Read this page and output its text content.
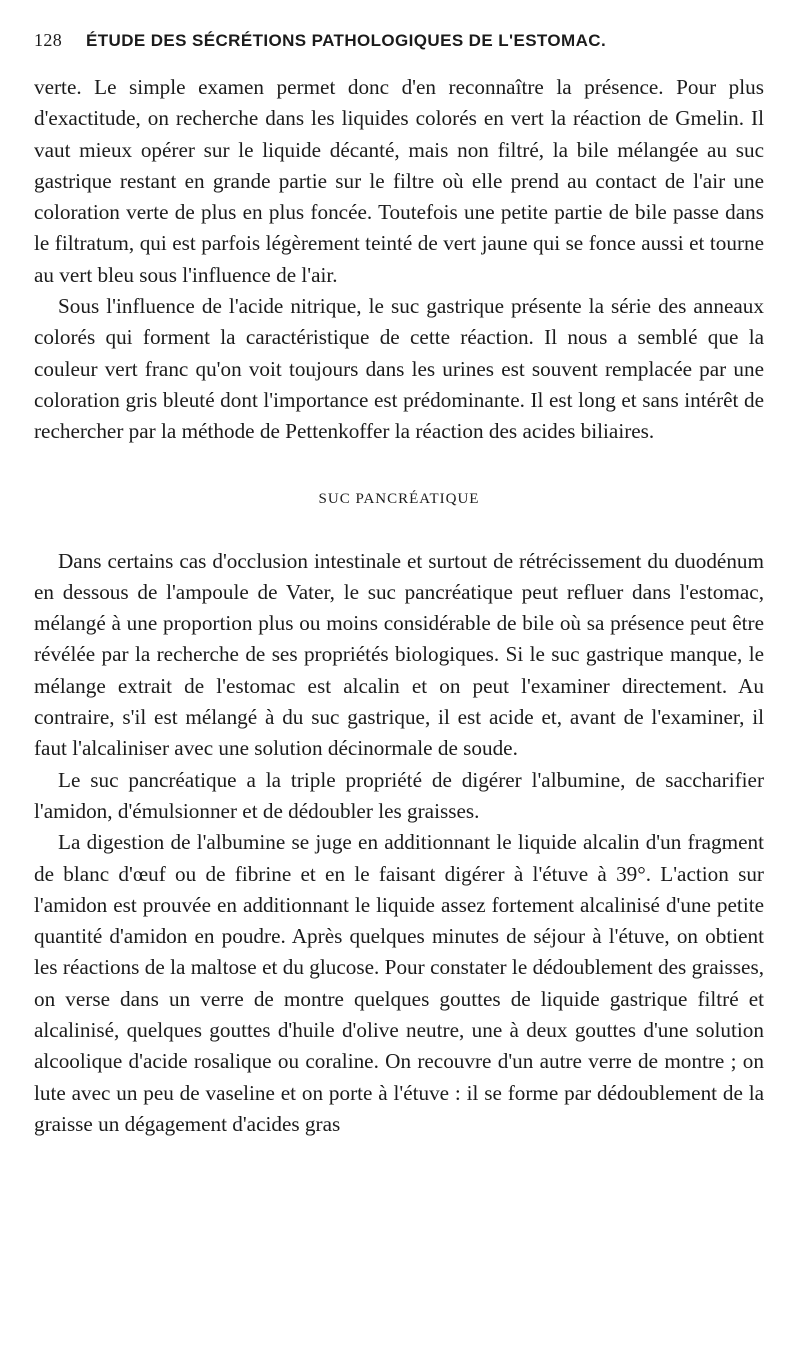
128	ÉTUDE DES SÉCRÉTIONS PATHOLOGIQUES DE L'ESTOMAC.

verte. Le simple examen permet donc d'en reconnaître la présence. Pour plus d'exactitude, on recherche dans les liquides colorés en vert la réaction de Gmelin. Il vaut mieux opérer sur le liquide décanté, mais non filtré, la bile mélangée au suc gastrique restant en grande partie sur le filtre où elle prend au contact de l'air une coloration verte de plus en plus foncée. Toutefois une petite partie de bile passe dans le filtratum, qui est parfois légèrement teinté de vert jaune qui se fonce aussi et tourne au vert bleu sous l'influence de l'air.

Sous l'influence de l'acide nitrique, le suc gastrique présente la série des anneaux colorés qui forment la caractéristique de cette réaction. Il nous a semblé que la couleur vert franc qu'on voit toujours dans les urines est souvent remplacée par une coloration gris bleuté dont l'importance est prédominante. Il est long et sans intérêt de rechercher par la méthode de Pettenkoffer la réaction des acides biliaires.

SUC PANCRÉATIQUE

Dans certains cas d'occlusion intestinale et surtout de rétrécissement du duodénum en dessous de l'ampoule de Vater, le suc pancréatique peut refluer dans l'estomac, mélangé à une proportion plus ou moins considérable de bile où sa présence peut être révélée par la recherche de ses propriétés biologiques. Si le suc gastrique manque, le mélange extrait de l'estomac est alcalin et on peut l'examiner directement. Au contraire, s'il est mélangé à du suc gastrique, il est acide et, avant de l'examiner, il faut l'alcaliniser avec une solution décinormale de soude.

Le suc pancréatique a la triple propriété de digérer l'albumine, de saccharifier l'amidon, d'émulsionner et de dédoubler les graisses.

La digestion de l'albumine se juge en additionnant le liquide alcalin d'un fragment de blanc d'œuf ou de fibrine et en le faisant digérer à l'étuve à 39°. L'action sur l'amidon est prouvée en additionnant le liquide assez fortement alcalinisé d'une petite quantité d'amidon en poudre. Après quelques minutes de séjour à l'étuve, on obtient les réactions de la maltose et du glucose. Pour constater le dédoublement des graisses, on verse dans un verre de montre quelques gouttes de liquide gastrique filtré et alcalinisé, quelques gouttes d'huile d'olive neutre, une à deux gouttes d'une solution alcoolique d'acide rosalique ou coraline. On recouvre d'un autre verre de montre ; on lute avec un peu de vaseline et on porte à l'étuve : il se forme par dédoublement de la graisse un dégagement d'acides gras
